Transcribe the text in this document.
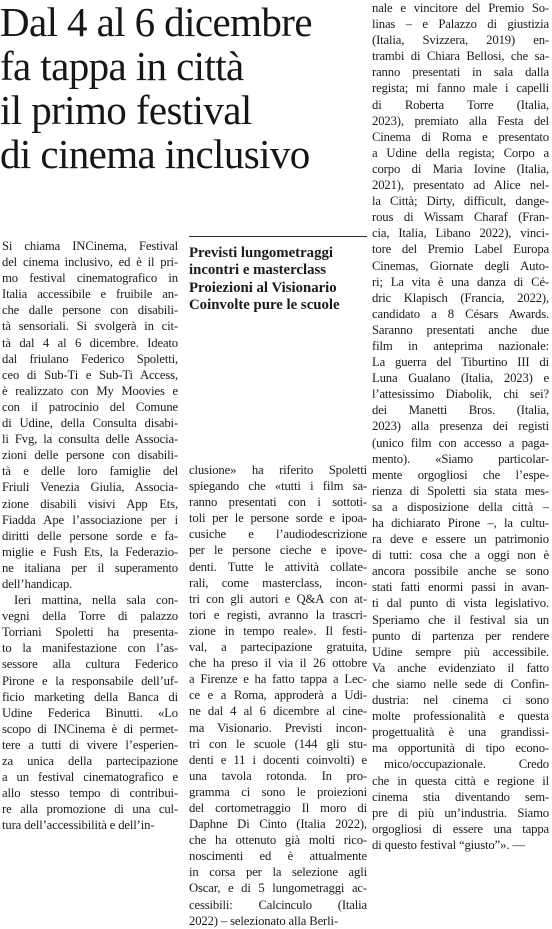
Dal 4 al 6 dicembre
fa tappa in città
il primo festival
di cinema inclusivo
Previsti lungometraggi
incontri e masterclass
Proiezioni al Visionario
Coinvolte pure le scuole
Si chiama INCinema, Festival
del cinema inclusivo, ed è il pri-
mo festival cinematografico in
Italia accessibile e fruibile an-
che dalle persone con disabili-
tà sensoriali. Si svolgerà in cit-
tà dal 4 al 6 dicembre. Ideato
dal friulano Federico Spoletti,
ceo di Sub-Ti e Sub-Ti Access,
è realizzato con My Moovies e
con il patrocinio del Comune
di Udine, della Consulta disabi-
li Fvg, la consulta delle Associa-
zioni delle persone con disabili-
tà e delle loro famiglie del
Friuli Venezia Giulia, Associa-
zione disabili visivi App Ets,
Fiadda Ape l’associazione per i
diritti delle persone sorde e fa-
miglie e Fush Ets, la Federazio-
ne italiana per il superamento
dell’handicap.
Ieri mattina, nella sala con-
vegni della Torre di palazzo
Torriani Spoletti ha presenta-
to la manifestazione con l’as-
sessore alla cultura Federico
Pirone e la responsabile dell’uf-
ficio marketing della Banca di
Udine Federica Binutti. «Lo
scopo di INCinema è di permet-
tere a tutti di vivere l’esperien-
za unica della partecipazione
a un festival cinematografico e
allo stesso tempo di contribui-
re alla promozione di una cul-
tura dell’accessibilità e dell’in-
clusione» ha riferito Spoletti
spiegando che «tutti i film sa-
ranno presentati con i sottoti-
toli per le persone sorde e ipoa-
cusiche e l’audiodescrizione
per le persone cieche e ipove-
denti. Tutte le attività collate-
rali, come masterclass, incon-
tri con gli autori e Q&A con at-
tori e registi, avranno la trascri-
zione in tempo reale». Il festi-
val, a partecipazione gratuita,
che ha preso il via il 26 ottobre
a Firenze e ha fatto tappa a Lec-
ce e a Roma, approderà a Udi-
ne dal 4 al 6 dicembre al cine-
ma Visionario. Previsti incon-
tri con le scuole (144 gli stu-
denti e 11 i docenti coinvolti) e
una tavola rotonda. In pro-
gramma ci sono le proiezioni
del cortometraggio Il moro di
Daphne Di Cinto (Italia 2022),
che ha ottenuto già molti rico-
noscimenti ed è attualmente
in corsa per la selezione agli
Oscar, e di 5 lungometraggi ac-
cessibili: Calcinculo (Italia
2022) – selezionato alla Berli-
nale e vincitore del Premio So-
linas – e Palazzo di giustizia
(Italia, Svizzera, 2019) en-
trambi di Chiara Bellosi, che sa-
ranno presentati in sala dalla
regista; mi fanno male i capelli
di Roberta Torre (Italia,
2023), premiato alla Festa del
Cinema di Roma e presentato
a Udine della regista; Corpo a
corpo di Maria Iovine (Italia,
2021), presentato ad Alice nel-
la Città; Dirty, difficult, dange-
rous di Wissam Charaf (Fran-
cia, Italia, Libano 2022), vinci-
tore del Premio Label Europa
Cinemas, Giornate degli Auto-
ri; La vita è una danza di Cé-
dric Klapisch (Francia, 2022),
candidato a 8 Césars Awards.
Saranno presentati anche due
film in anteprima nazionale:
La guerra del Tiburtino III di
Luna Gualano (Italia, 2023) e
l’attesissimo Diabolik, chi sei?
dei Manetti Bros. (Italia,
2023) alla presenza dei registi
(unico film con accesso a paga-
mento). «Siamo particolar-
mente orgogliosi che l’espe-
rienza di Spoletti sia stata mes-
sa a disposizione della città –
ha dichiarato Pirone –, la cultu-
ra deve e essere un patrimonio
di tutti: cosa che a oggi non è
ancora possibile anche se sono
stati fatti enormi passi in avan-
ti dal punto di vista legislativo.
Speriamo che il festival sia un
punto di partenza per rendere
Udine sempre più accessibile.
Va anche evidenziato il fatto
che siamo nelle sede di Confin-
dustria: nel cinema ci sono
molte professionalità e questa
progettualità è una grandissi-
ma opportunità di tipo econo-
mico/occupazionale. Credo
che in questa città e regione il
cinema stia diventando sem-
pre di più un’industria. Siamo
orgogliosi di essere una tappa
di questo festival “giusto”». —
